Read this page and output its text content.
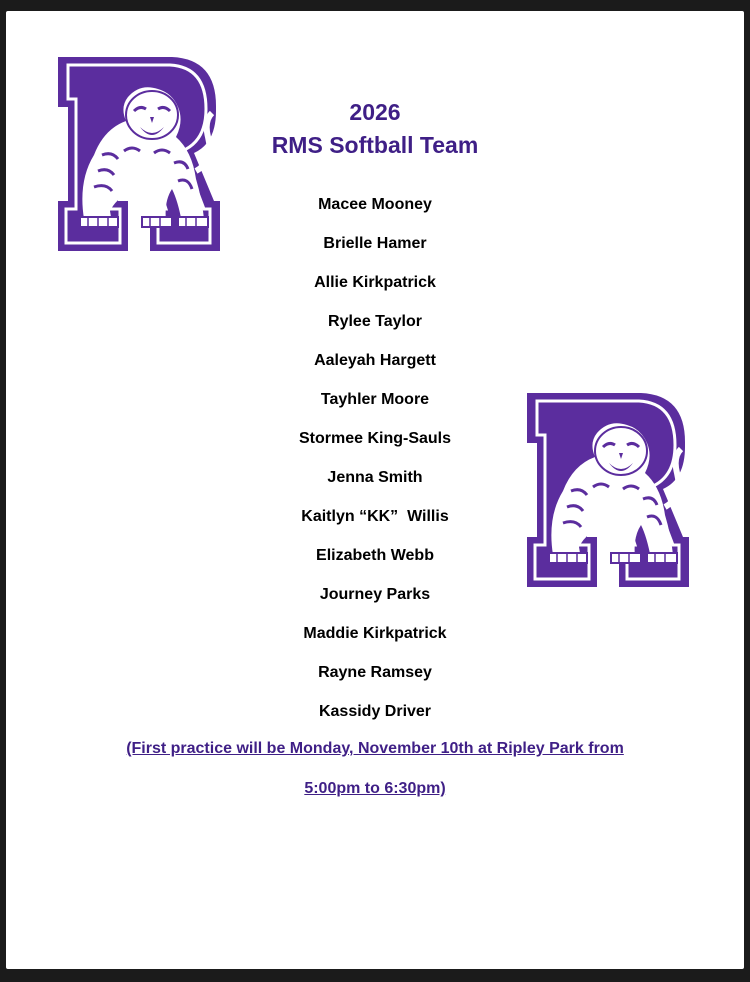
2026
RMS Softball Team
Macee Mooney
Brielle Hamer
Allie Kirkpatrick
Rylee Taylor
Aaleyah Hargett
Tayhler Moore
Stormee King-Sauls
Jenna Smith
Kaitlyn “KK”  Willis
Elizabeth Webb
Journey Parks
Maddie Kirkpatrick
Rayne Ramsey
Kassidy Driver
(First practice will be Monday, November 10th at Ripley Park from
5:00pm to 6:30pm)
